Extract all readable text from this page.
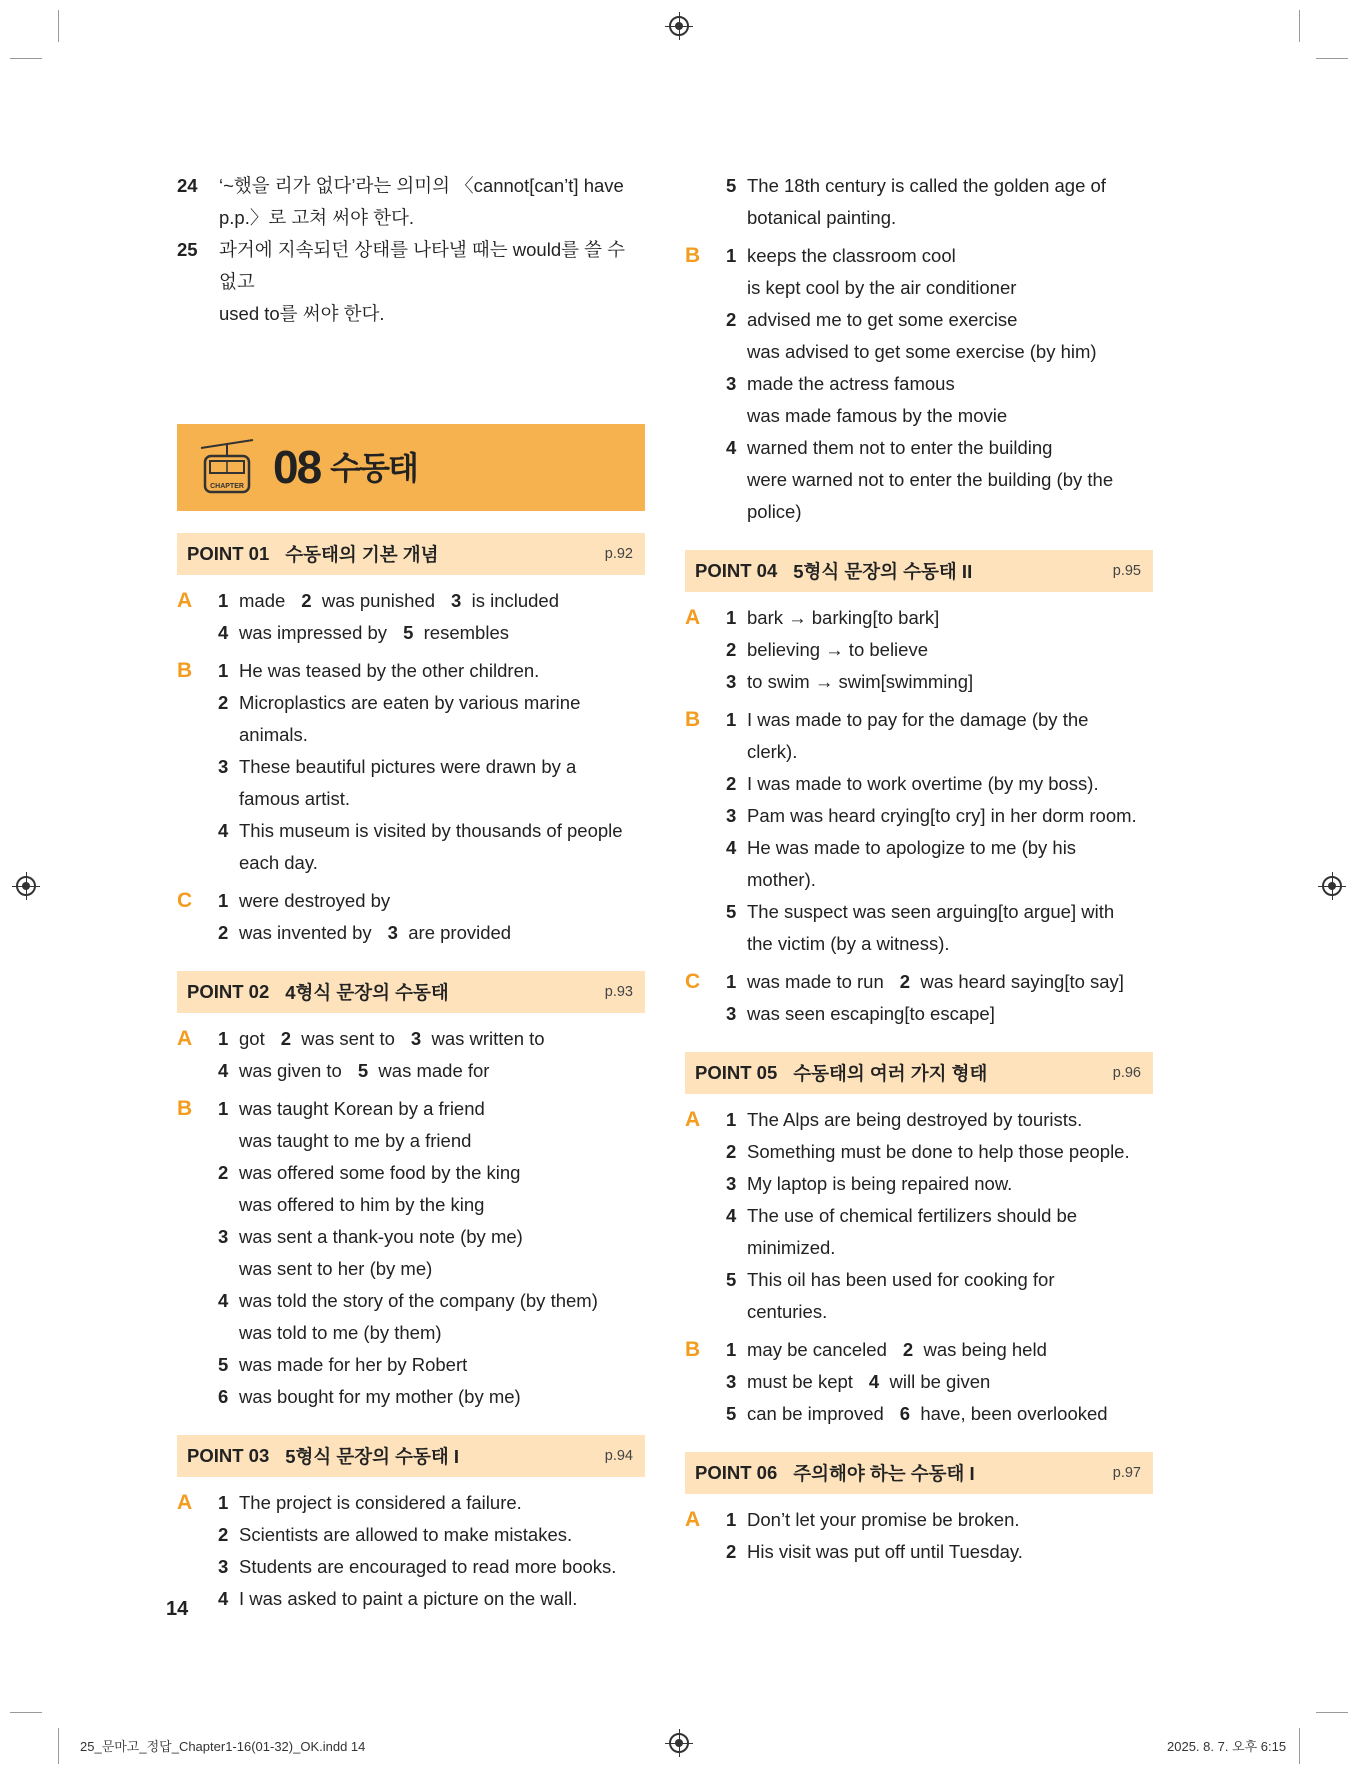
24	‘~했을 리가 없다’라는 의미의 〈cannot[can’t] have
p.p.〉로 고쳐 써야 한다.
25	과거에 지속되던 상태를 나타낼 때는 would를 쓸 수 없고
used to를 써야 한다.
CHAPTER 08 수동태
POINT 01 수동태의 기본 개념	p.92
A	1 made 2 was punished 3 is included
4 was impressed by 5 resembles
B	1 He was teased by the other children.
2 Microplastics are eaten by various marine
animals.
3 These beautiful pictures were drawn by a
famous artist.
4 This museum is visited by thousands of people
each day.
C	1 were destroyed by
2 was invented by 3 are provided
POINT 02 4형식 문장의 수동태	p.93
A	1 got 2 was sent to 3 was written to
4 was given to 5 was made for
B	1 was taught Korean by a friend
was taught to me by a friend
2 was offered some food by the king
was offered to him by the king
3 was sent a thank-you note (by me)
was sent to her (by me)
4 was told the story of the company (by them)
was told to me (by them)
5 was made for her by Robert
6 was bought for my mother (by me)
POINT 03 5형식 문장의 수동태 I	p.94
A	1 The project is considered a failure.
2 Scientists are allowed to make mistakes.
3 Students are encouraged to read more books.
4 I was asked to paint a picture on the wall.
5 The 18th century is called the golden age of
botanical painting.
B	1 keeps the classroom cool
is kept cool by the air conditioner
2 advised me to get some exercise
was advised to get some exercise (by him)
3 made the actress famous
was made famous by the movie
4 warned them not to enter the building
were warned not to enter the building (by the
police)
POINT 04 5형식 문장의 수동태 II	p.95
A	1 bark → barking[to bark]
2 believing → to believe
3 to swim → swim[swimming]
B	1 I was made to pay for the damage (by the
clerk).
2 I was made to work overtime (by my boss).
3 Pam was heard crying[to cry] in her dorm room.
4 He was made to apologize to me (by his
mother).
5 The suspect was seen arguing[to argue] with
the victim (by a witness).
C	1 was made to run 2 was heard saying[to say]
3 was seen escaping[to escape]
POINT 05 수동태의 여러 가지 형태	p.96
A	1 The Alps are being destroyed by tourists.
2 Something must be done to help those people.
3 My laptop is being repaired now.
4 The use of chemical fertilizers should be
minimized.
5 This oil has been used for cooking for
centuries.
B	1 may be canceled 2 was being held
3 must be kept 4 will be given
5 can be improved 6 have, been overlooked
POINT 06 주의해야 하는 수동태 I	p.97
A	1 Don’t let your promise be broken.
2 His visit was put off until Tuesday.
14
25_문마고_정답_Chapter1-16(01-32)_OK.indd 14	2025. 8. 7. 오후 6:15
